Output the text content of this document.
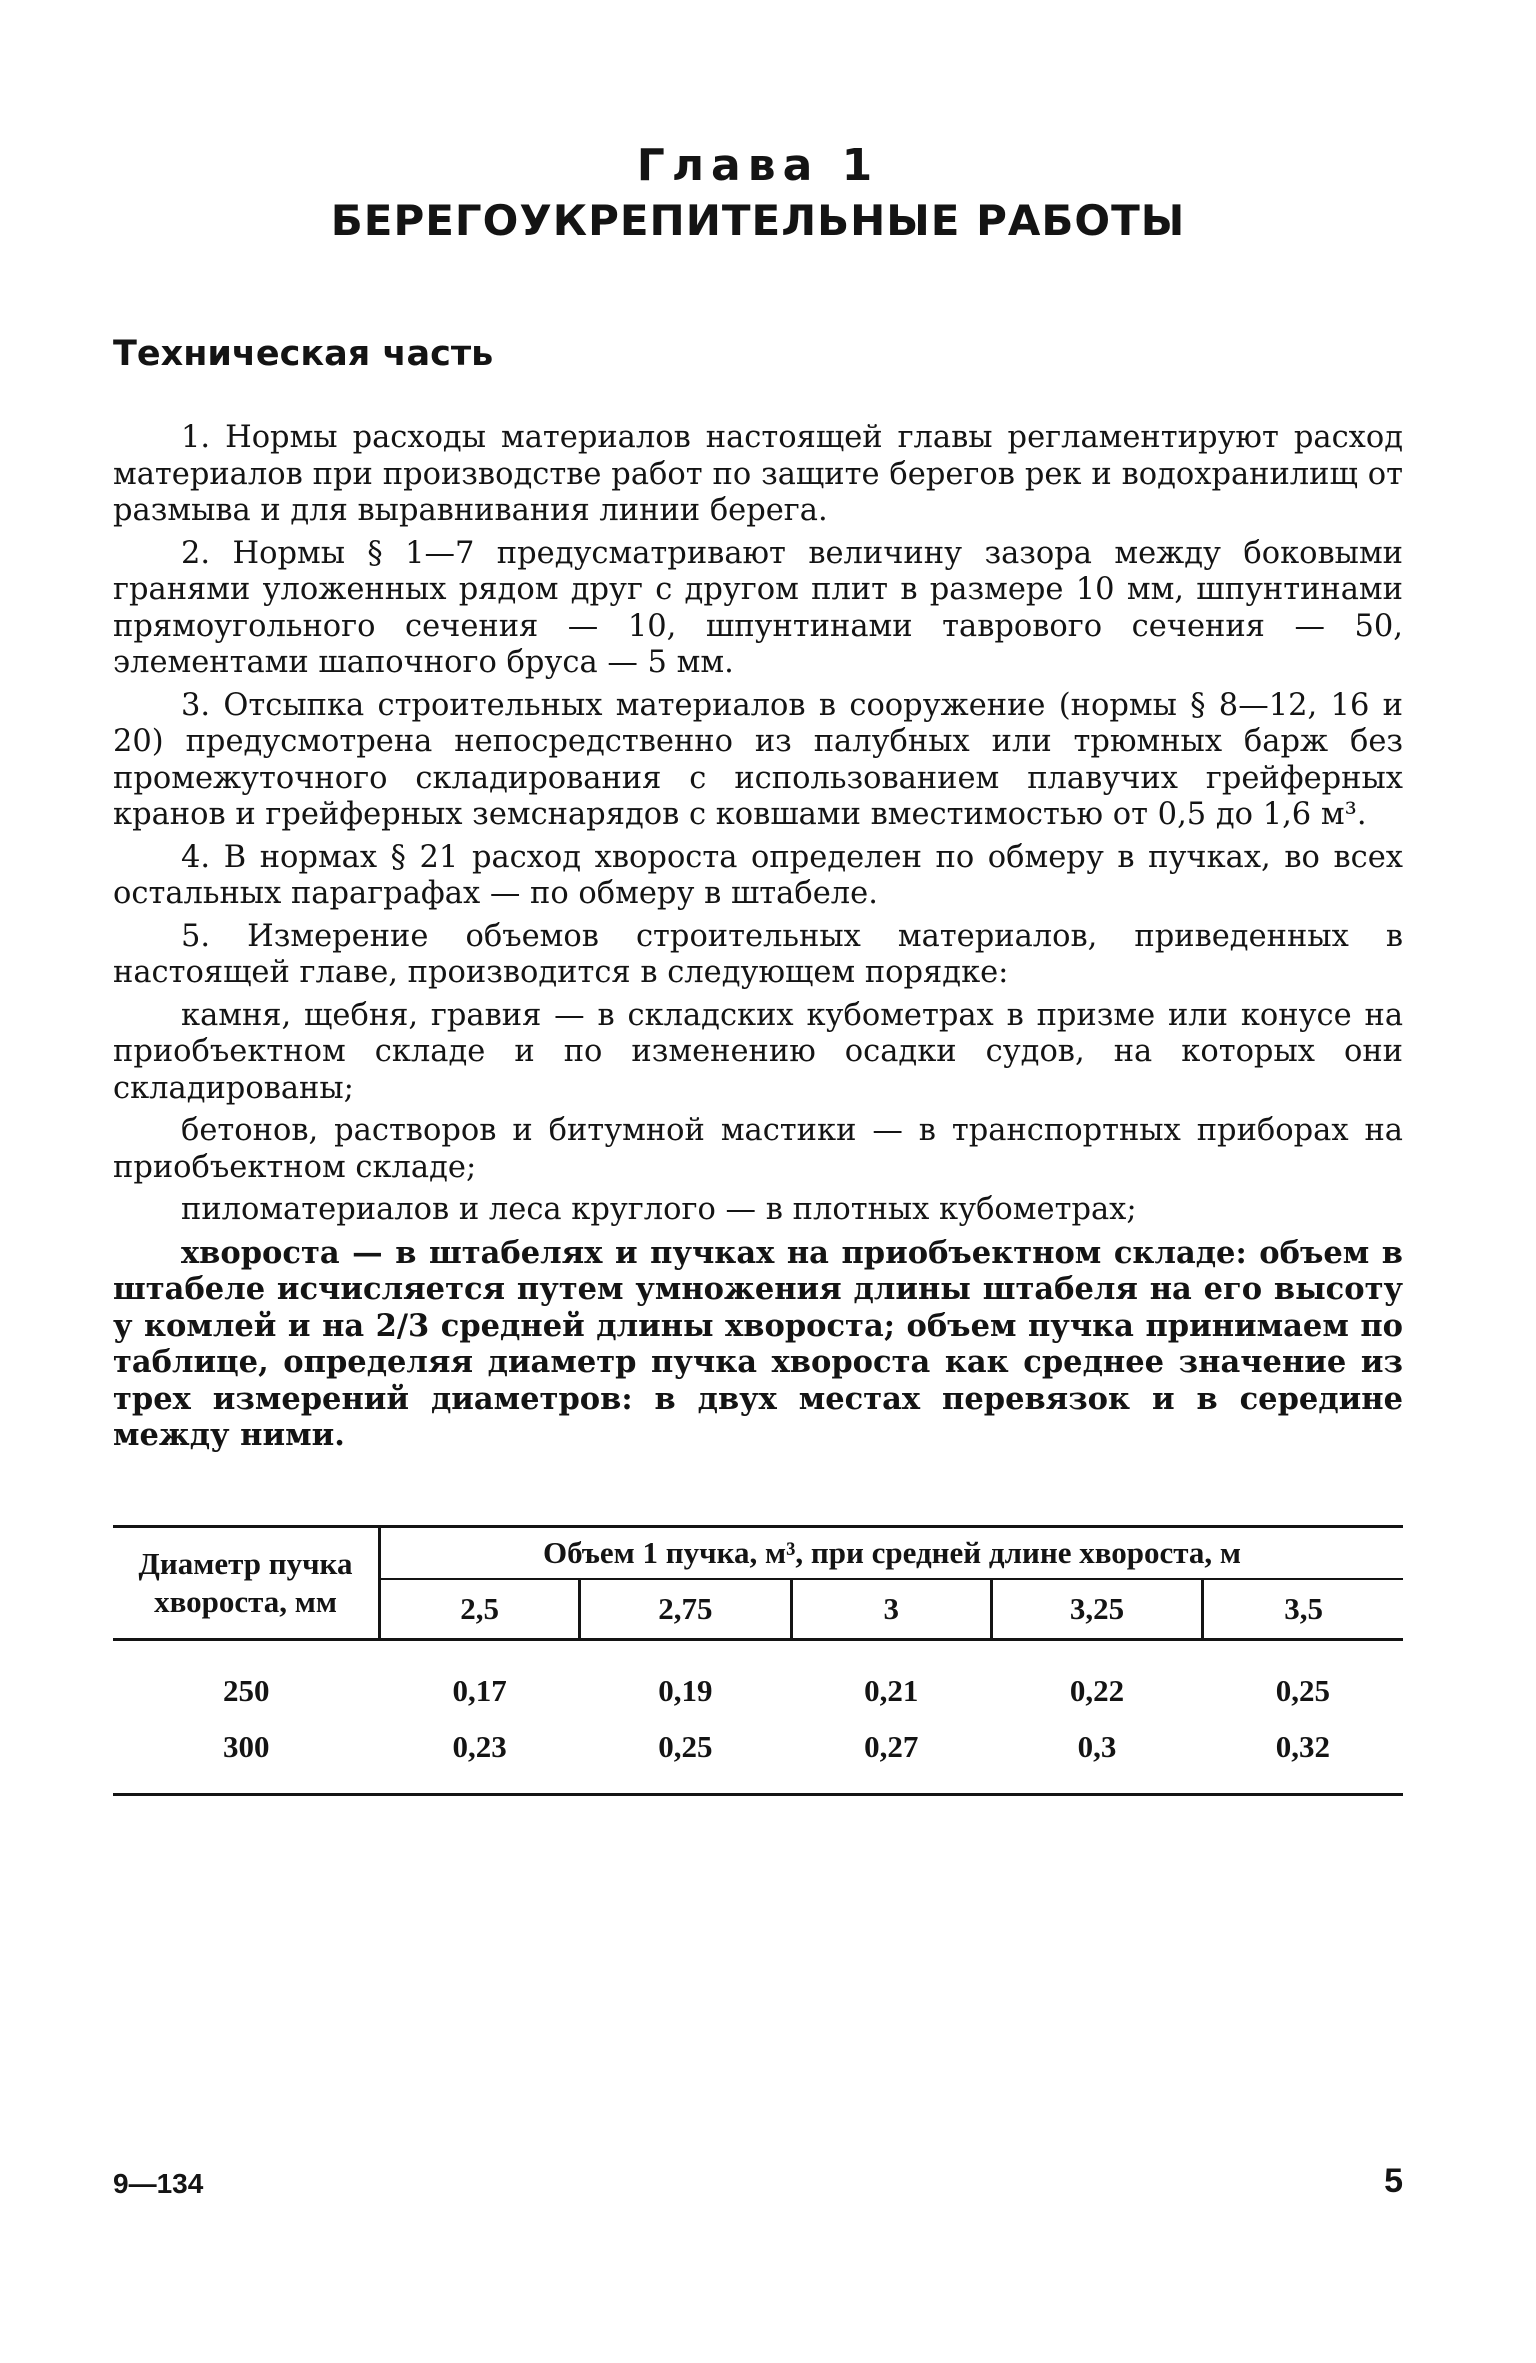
Глава 1
БЕРЕГОУКРЕПИТЕЛЬНЫЕ РАБОТЫ
Техническая часть

1. Нормы расходы материалов настоящей главы регламентируют расход материалов при производстве работ по защите берегов рек и водохранилищ от размыва и для выравнивания линии берега.

2. Нормы § 1—7 предусматривают величину зазора между боковыми гранями уложенных рядом друг с другом плит в размере 10 мм, шпунтинами прямоугольного сечения — 10, шпунтинами таврового сечения — 50, элементами шапочного бруса — 5 мм.

3. Отсыпка строительных материалов в сооружение (нормы § 8—12, 16 и 20) предусмотрена непосредственно из палубных или трюмных барж без промежуточного складирования с использованием плавучих грейферных кранов и грейферных земснарядов с ковшами вместимостью от 0,5 до 1,6 м³.

4. В нормах § 21 расход хвороста определен по обмеру в пучках, во всех остальных параграфах — по обмеру в штабеле.

5. Измерение объемов строительных материалов, приведенных в настоящей главе, производится в следующем порядке:

камня, щебня, гравия — в складских кубометрах в призме или конусе на приобъектном складе и по изменению осадки судов, на которых они складированы;

бетонов, растворов и битумной мастики — в транспортных приборах на приобъектном складе;

пиломатериалов и леса круглого — в плотных кубометрах;

хвороста — в штабелях и пучках на приобъектном складе: объем в штабеле исчисляется путем умножения длины штабеля на его высоту у комлей и на 2/3 средней длины хвороста; объем пучка принимаем по таблице, определяя диаметр пучка хвороста как среднее значение из трех измерений диаметров: в двух местах перевязок и в середине между ними.

Диаметр пучка хвороста, мм	Объем 1 пучка, м³, при средней длине хвороста, м				
	2,5	2,75	3	3,25	3,5
250	0,17	0,19	0,21	0,22	0,25
300	0,23	0,25	0,27	0,3	0,32
9—134	5
